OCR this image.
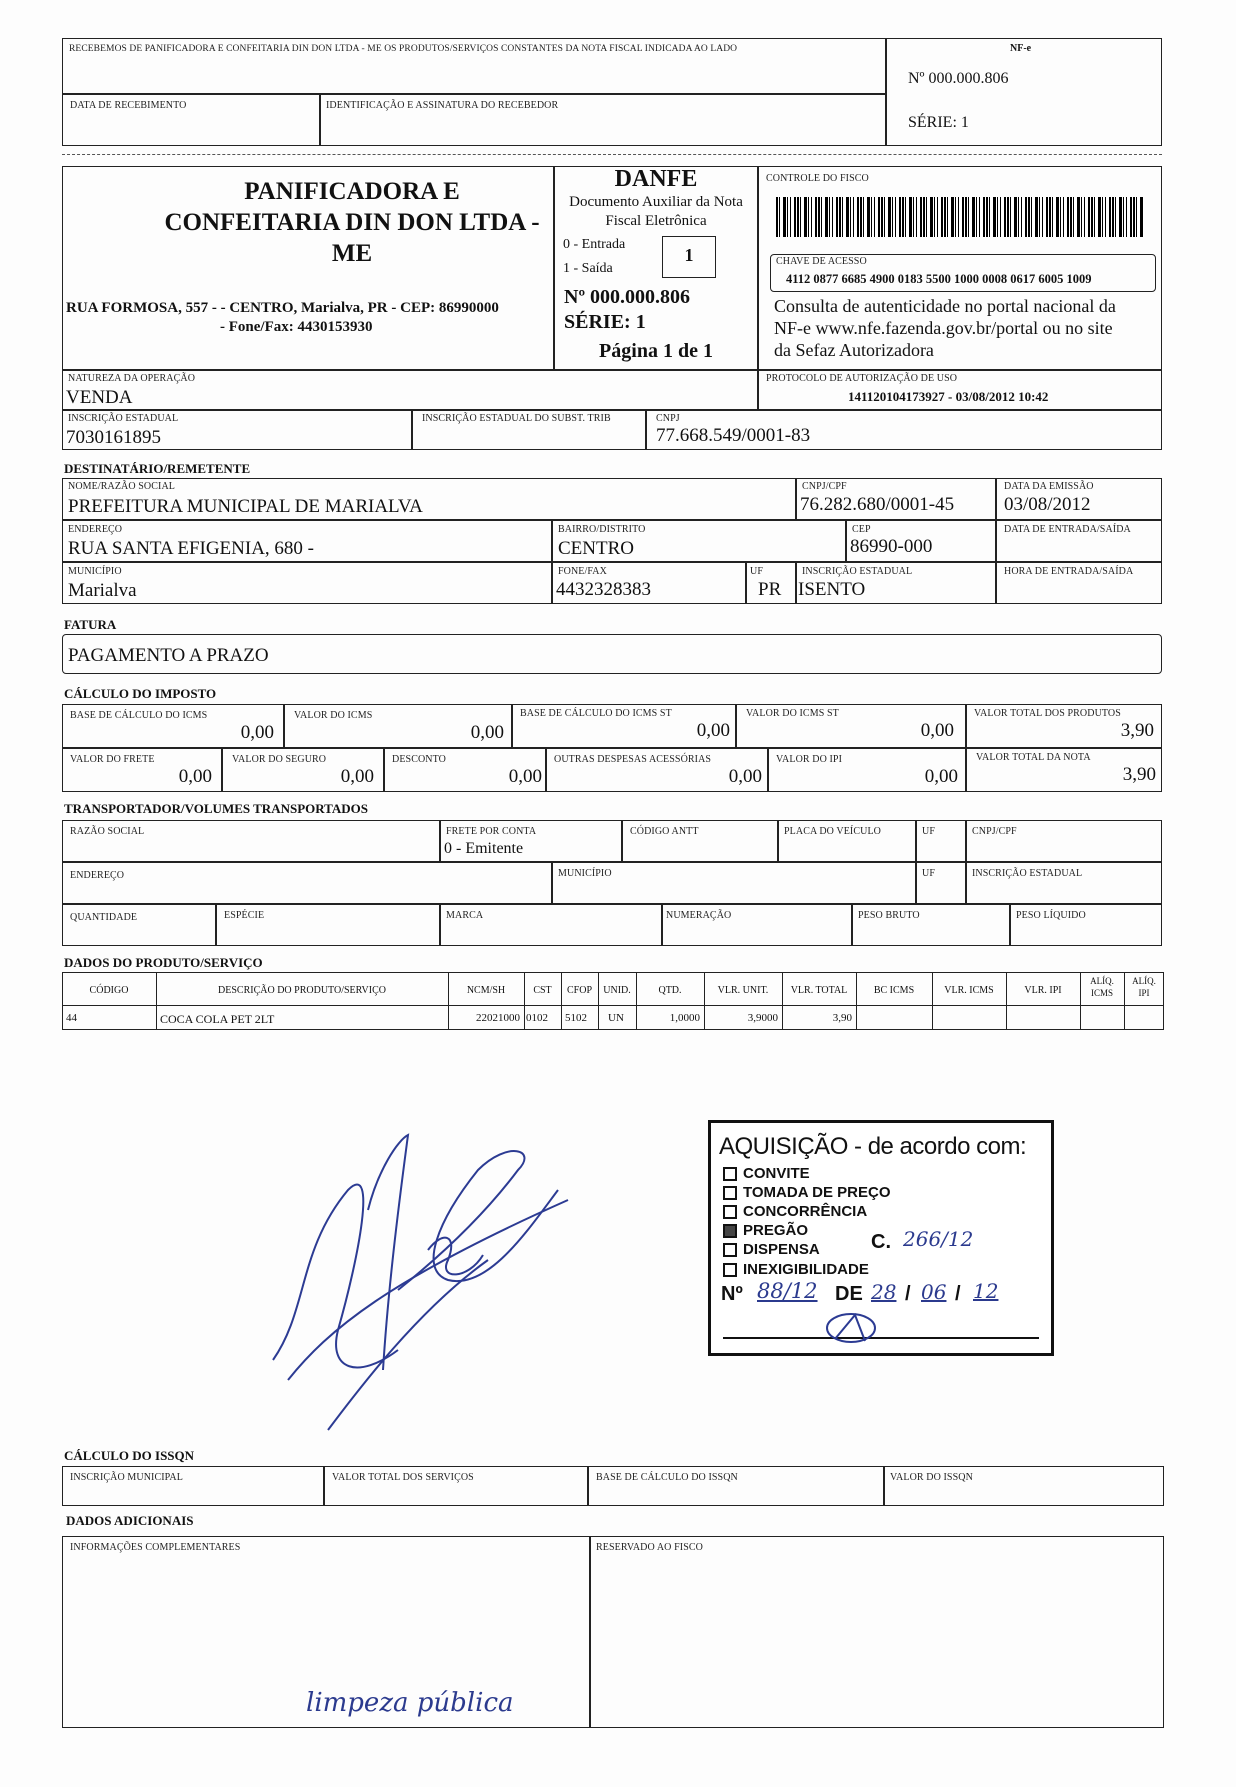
RECEBEMOS DE PANIFICADORA E CONFEITARIA DIN DON LTDA - ME OS PRODUTOS/SERVIÇOS CONSTANTES DA NOTA FISCAL INDICADA AO LADO	NF-e
Nº 000.000.806
SÉRIE: 1
DATA DE RECEBIMENTO	IDENTIFICAÇÃO E ASSINATURA DO RECEBEDOR
PANIFICADORA E
CONFEITARIA DIN DON LTDA -
ME
RUA FORMOSA, 557 - - CENTRO, Marialva, PR - CEP: 86990000
- Fone/Fax: 4430153930
DANFE
Documento Auxiliar da Nota
Fiscal Eletrônica
0 - Entrada
1 - Saída
1
Nº 000.000.806
SÉRIE: 1
Página 1 de 1
CONTROLE DO FISCO
CHAVE DE ACESSO
4112 0877 6685 4900 0183 5500 1000 0008 0617 6005 1009
Consulta de autenticidade no portal nacional da
NF-e www.nfe.fazenda.gov.br/portal ou no site
da Sefaz Autorizadora
NATUREZA DA OPERAÇÃO
VENDA
PROTOCOLO DE AUTORIZAÇÃO DE USO
141120104173927 - 03/08/2012 10:42
INSCRIÇÃO ESTADUAL
7030161895
INSCRIÇÃO ESTADUAL DO SUBST. TRIB	CNPJ
77.668.549/0001-83
DESTINATÁRIO/REMETENTE
NOME/RAZÃO SOCIAL
PREFEITURA MUNICIPAL DE MARIALVA
CNPJ/CPF
76.282.680/0001-45
DATA DA EMISSÃO
03/08/2012
ENDEREÇO
RUA SANTA EFIGENIA, 680 -
BAIRRO/DISTRITO
CENTRO
CEP
86990-000
DATA DE ENTRADA/SAÍDA
MUNICÍPIO
Marialva
FONE/FAX
4432328383
UF
PR
INSCRIÇÃO ESTADUAL
ISENTO
HORA DE ENTRADA/SAÍDA
FATURA
PAGAMENTO A PRAZO
CÁLCULO DO IMPOSTO
BASE DE CÁLCULO DO ICMS
0,00
VALOR DO ICMS
0,00
BASE DE CÁLCULO DO ICMS ST
0,00
VALOR DO ICMS ST
0,00
VALOR TOTAL DOS PRODUTOS
3,90
VALOR DO FRETE
0,00
VALOR DO SEGURO
0,00
DESCONTO
0,00
OUTRAS DESPESAS ACESSÓRIAS
0,00
VALOR DO IPI
0,00
VALOR TOTAL DA NOTA
3,90
TRANSPORTADOR/VOLUMES TRANSPORTADOS
RAZÃO SOCIAL	FRETE POR CONTA
0 - Emitente
CÓDIGO ANTT	PLACA DO VEÍCULO	UF	CNPJ/CPF
ENDEREÇO	MUNICÍPIO	UF	INSCRIÇÃO ESTADUAL
QUANTIDADE	ESPÉCIE	MARCA	NUMERAÇÃO	PESO BRUTO	PESO LÍQUIDO
DADOS DO PRODUTO/SERVIÇO
CÓDIGO	DESCRIÇÃO DO PRODUTO/SERVIÇO	NCM/SH	CST	CFOP	UNID.	QTD.	VLR. UNIT.	VLR. TOTAL	BC ICMS	VLR. ICMS	VLR. IPI
ALÍQ.
ICMS
ALÍQ.
IPI
44	COCA COLA PET 2LT	22021000 0102 5102 UN	1,0000	3,9000	3,90
AQUISIÇÃO - de acordo com:
CONVITE
TOMADA DE PREÇO
CONCORRÊNCIA
PREGÃO
DISPENSA	C. 266/12
INEXIGIBILIDADE
Nº 88/12 DE 28 / 06 / 12
CÁLCULO DO ISSQN
INSCRIÇÃO MUNICIPAL	VALOR TOTAL DOS SERVIÇOS	BASE DE CÁLCULO DO ISSQN	VALOR DO ISSQN
DADOS ADICIONAIS
INFORMAÇÕES COMPLEMENTARES
limpeza pública
RESERVADO AO FISCO
